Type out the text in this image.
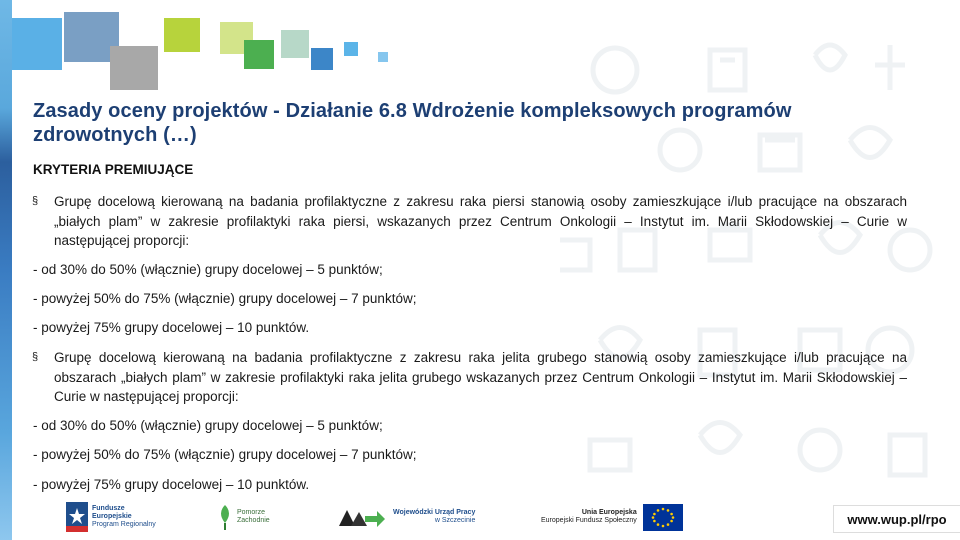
Zasady oceny projektów - Działanie 6.8 Wdrożenie kompleksowych programów zdrowotnych (…)
KRYTERIA PREMIUJĄCE
§ Grupę docelową kierowaną na badania profilaktyczne z zakresu raka piersi stanowią osoby zamieszkujące i/lub pracujące na obszarach „białych plam” w zakresie profilaktyki raka piersi, wskazanych przez Centrum Onkologii – Instytut im. Marii Skłodowskiej – Curie w następującej proporcji:
- od 30% do 50% (włącznie) grupy docelowej – 5 punktów;
- powyżej 50% do 75% (włącznie) grupy docelowej – 7 punktów;
- powyżej 75% grupy docelowej – 10 punktów.
§ Grupę docelową kierowaną na badania profilaktyczne z zakresu raka jelita grubego stanowią osoby zamieszkujące i/lub pracujące na obszarach „białych plam” w zakresie profilaktyki raka jelita grubego wskazanych przez Centrum Onkologii – Instytut im. Marii Skłodowskiej – Curie w następującej proporcji:
- od 30% do 50% (włącznie) grupy docelowej – 5 punktów;
- powyżej 50% do 75% (włącznie) grupy docelowej – 7 punktów;
- powyżej 75% grupy docelowej – 10 punktów.
Fundusze
Europejskie
Program Regionalny
Pomorze
Zachodnie
Wojewódzki Urząd Pracy
w Szczecinie
Unia Europejska
Europejski Fundusz Społeczny	www.wup.pl/rpo
